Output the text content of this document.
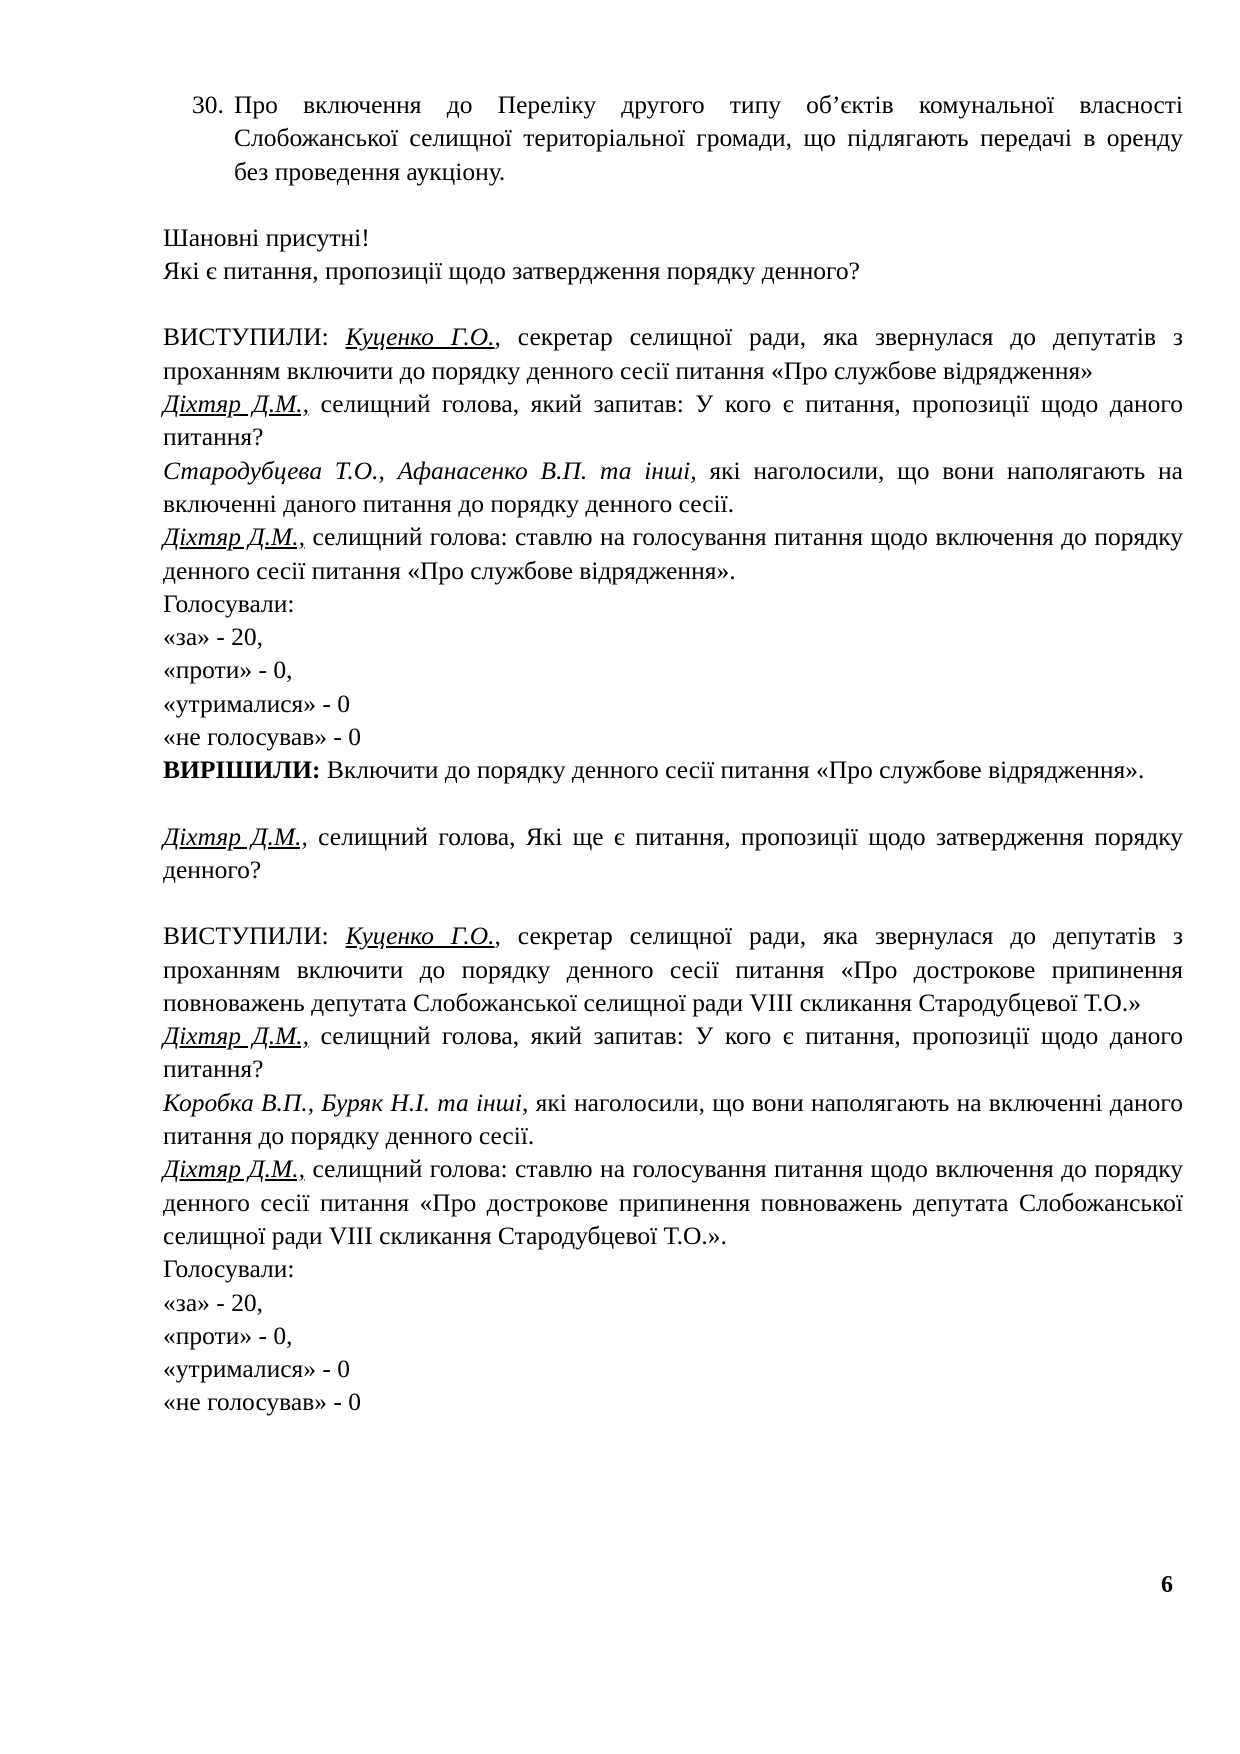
30. Про включення до Переліку другого типу об’єктів комунальної власності Слобожанської селищної територіальної громади, що підлягають передачі в оренду без проведення аукціону.

Шановні присутні!

Які є питання, пропозиції щодо затвердження порядку денного?

ВИСТУПИЛИ: Куценко Г.О., секретар селищної ради, яка звернулася до депутатів з проханням включити до порядку денного сесії питання «Про службове відрядження»

Діхтяр Д.М., селищний голова, який запитав: У кого є питання, пропозиції щодо даного питання?

Стародубцева Т.О., Афанасенко В.П. та інші, які наголосили, що вони наполягають на включенні даного питання до порядку денного сесії.

Діхтяр Д.М., селищний голова: ставлю на голосування питання щодо включення до порядку денного сесії питання «Про службове відрядження».

Голосували:

«за» - 20,

«проти» - 0,

«утрималися» - 0

«не голосував» - 0

ВИРІШИЛИ: Включити до порядку денного сесії питання «Про службове відрядження».

Діхтяр Д.М., селищний голова, Які ще є питання, пропозиції щодо затвердження порядку денного?

ВИСТУПИЛИ: Куценко Г.О., секретар селищної ради, яка звернулася до депутатів з проханням включити до порядку денного сесії питання «Про дострокове припинення повноважень депутата Слобожанської селищної ради VIII скликання Стародубцевої Т.О.»

Діхтяр Д.М., селищний голова, який запитав: У кого є питання, пропозиції щодо даного питання?

Коробка В.П., Буряк Н.І. та інші, які наголосили, що вони наполягають на включенні даного питання до порядку денного сесії.

Діхтяр Д.М., селищний голова: ставлю на голосування питання щодо включення до порядку денного сесії питання «Про дострокове припинення повноважень депутата Слобожанської селищної ради VIII скликання Стародубцевої Т.О.».

Голосували:

«за» - 20,

«проти» - 0,

«утрималися» - 0

«не голосував» - 0

6
